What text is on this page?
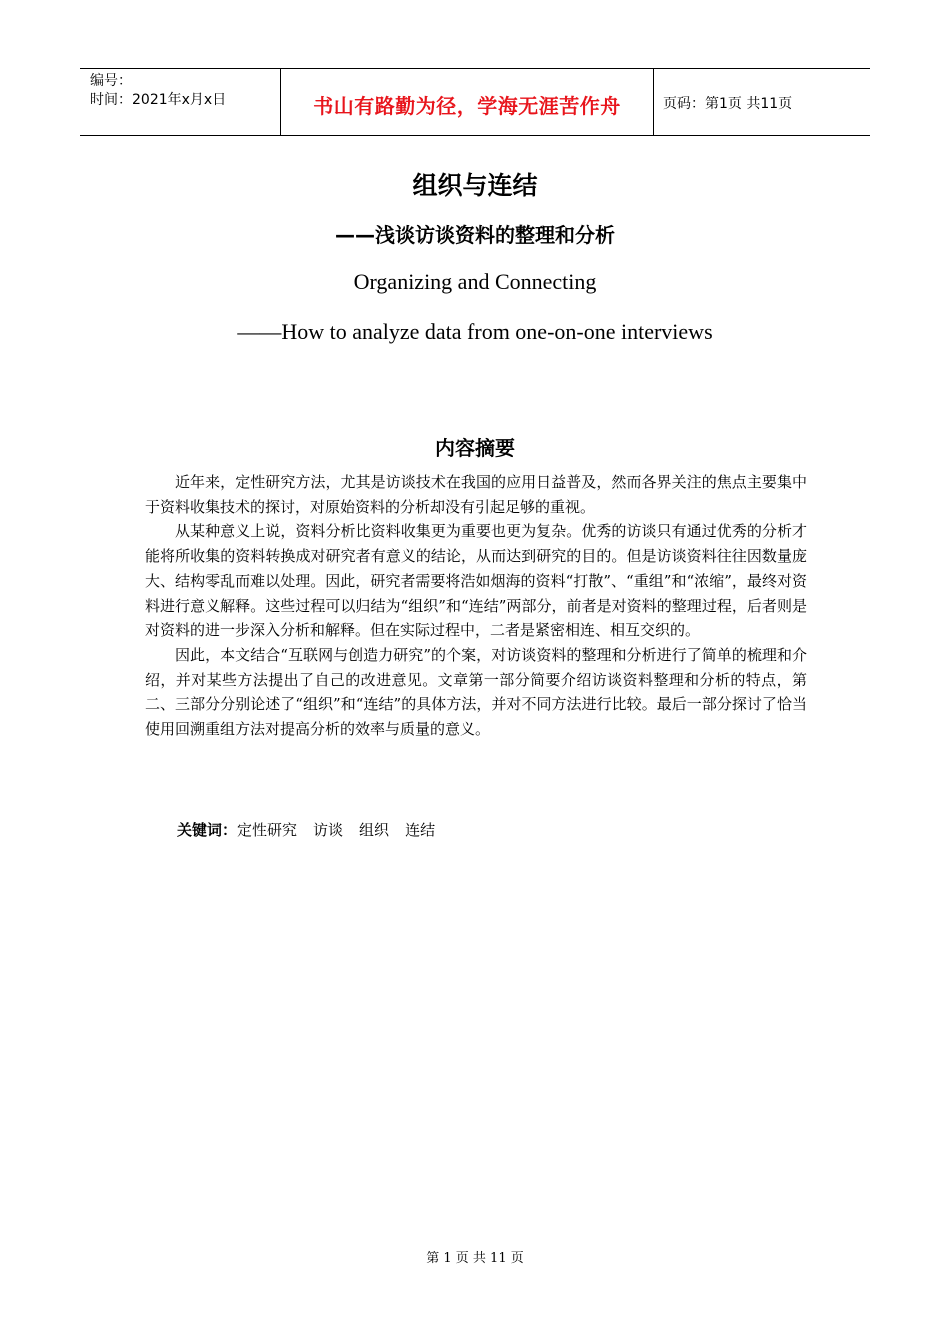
编号：
时间：2021年x月x日	书山有路勤为径，学海无涯苦作舟	页码：第1页 共11页
组织与连结
——浅谈访谈资料的整理和分析
Organizing and Connecting
——How to analyze data from one-on-one interviews
内容摘要

近年来，定性研究方法，尤其是访谈技术在我国的应用日益普及，然而各界关注的焦点主要集中于资料收集技术的探讨，对原始资料的分析却没有引起足够的重视。

从某种意义上说，资料分析比资料收集更为重要也更为复杂。优秀的访谈只有通过优秀的分析才能将所收集的资料转换成对研究者有意义的结论，从而达到研究的目的。但是访谈资料往往因数量庞大、结构零乱而难以处理。因此，研究者需要将浩如烟海的资料“打散”、“重组”和“浓缩”，最终对资料进行意义解释。这些过程可以归结为“组织”和“连结”两部分，前者是对资料的整理过程，后者则是对资料的进一步深入分析和解释。但在实际过程中，二者是紧密相连、相互交织的。

因此，本文结合“互联网与创造力研究”的个案，对访谈资料的整理和分析进行了简单的梳理和介绍，并对某些方法提出了自己的改进意见。文章第一部分简要介绍访谈资料整理和分析的特点，第二、三部分分别论述了“组织”和“连结”的具体方法，并对不同方法进行比较。最后一部分探讨了恰当使用回溯重组方法对提高分析的效率与质量的意义。

关键词：定性研究 访谈 组织 连结
第 1 页 共 11 页
